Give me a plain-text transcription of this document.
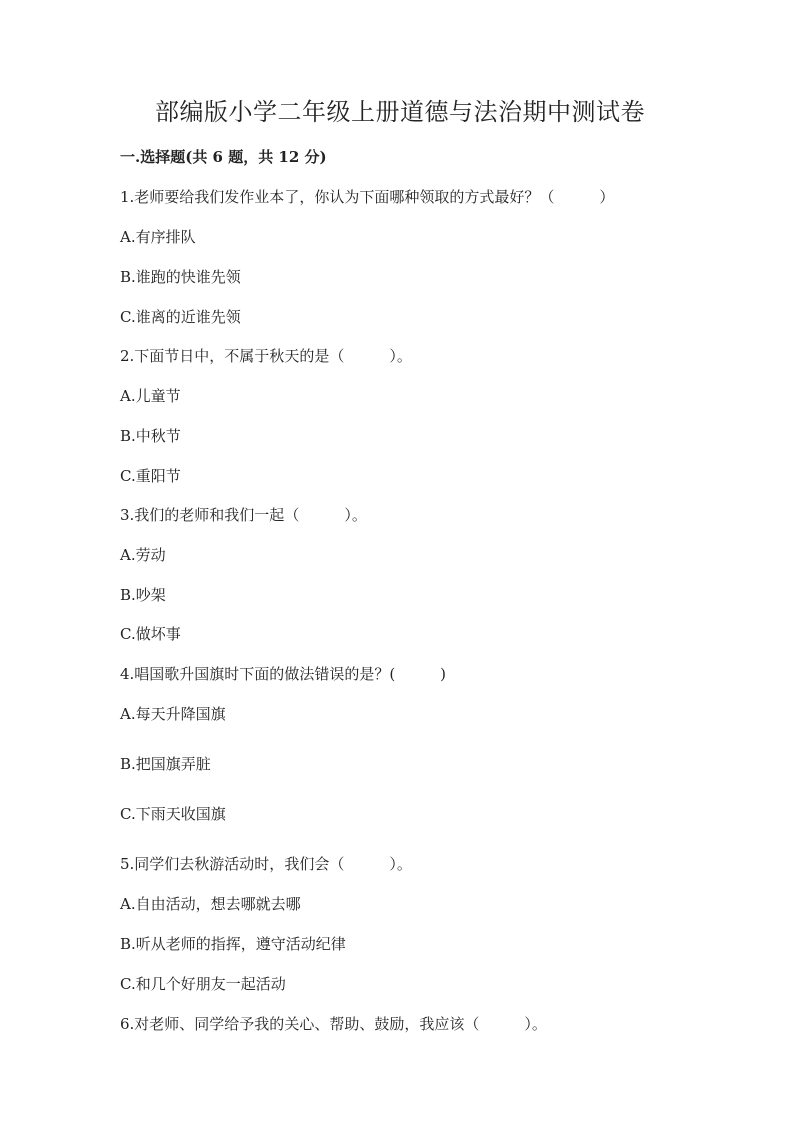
部编版小学二年级上册道德与法治期中测试卷
一.选择题(共 6 题，共 12 分)
1.老师要给我们发作业本了，你认为下面哪种领取的方式最好？（　　　）
A.有序排队
B.谁跑的快谁先领
C.谁离的近谁先领
2.下面节日中，不属于秋天的是（　　　）。
A.儿童节
B.中秋节
C.重阳节
3.我们的老师和我们一起（　　　）。
A.劳动
B.吵架
C.做坏事
4.唱国歌升国旗时下面的做法错误的是？(　　　)
A.每天升降国旗
B.把国旗弄脏
C.下雨天收国旗
5.同学们去秋游活动时，我们会（　　　）。
A.自由活动，想去哪就去哪
B.听从老师的指挥，遵守活动纪律
C.和几个好朋友一起活动
6.对老师、同学给予我的关心、帮助、鼓励，我应该（　　　）。
